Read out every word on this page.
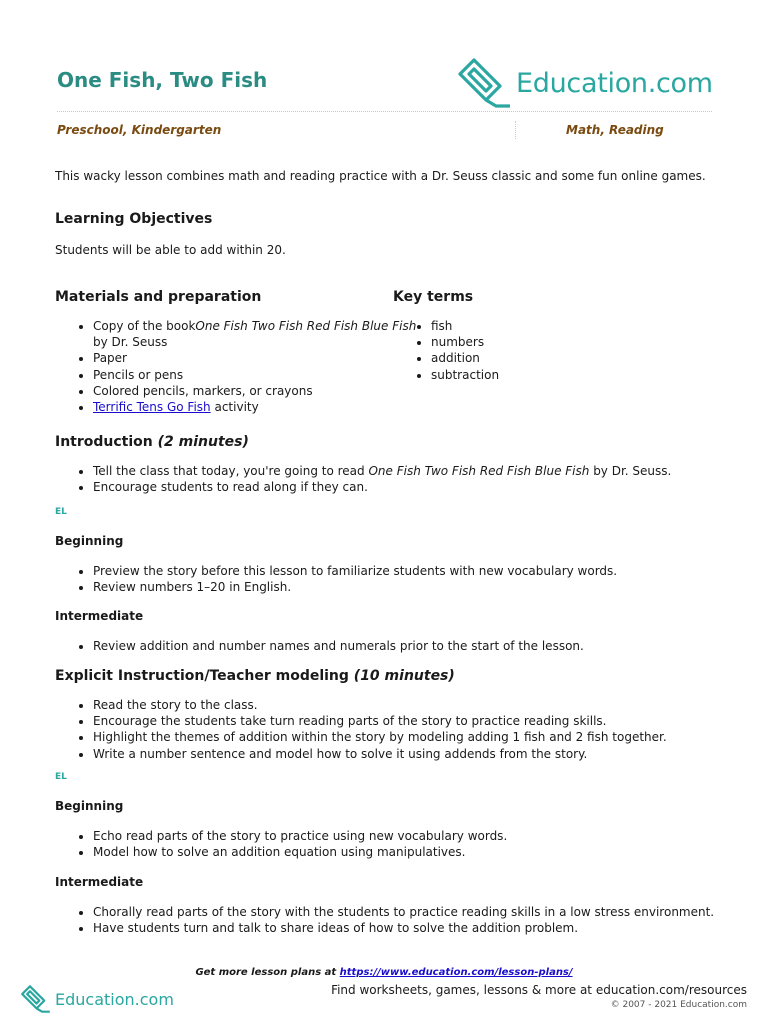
One Fish, Two Fish	Education.com
Preschool, Kindergarten	Math, Reading

This wacky lesson combines math and reading practice with a Dr. Seuss classic and some fun online games.

Learning Objectives

Students will be able to add within 20.

Materials and preparation
• Copy of the bookOne Fish Two Fish Red Fish Blue Fish by Dr. Seuss
• Paper
• Pencils or pens
• Colored pencils, markers, or crayons
• Terrific Tens Go Fish activity
Key terms
• fish
• numbers
• addition
• subtraction
Introduction (2 minutes)
• Tell the class that today, you're going to read One Fish Two Fish Red Fish Blue Fish by Dr. Seuss.
• Encourage students to read along if they can.
EL
Beginning
• Preview the story before this lesson to familiarize students with new vocabulary words.
• Review numbers 1–20 in English.
Intermediate
• Review addition and number names and numerals prior to the start of the lesson.
Explicit Instruction/Teacher modeling (10 minutes)
• Read the story to the class.
• Encourage the students take turn reading parts of the story to practice reading skills.
• Highlight the themes of addition within the story by modeling adding 1 fish and 2 fish together.
• Write a number sentence and model how to solve it using addends from the story.
EL
Beginning
• Echo read parts of the story to practice using new vocabulary words.
• Model how to solve an addition equation using manipulatives.
Intermediate
• Chorally read parts of the story with the students to practice reading skills in a low stress environment.
• Have students turn and talk to share ideas of how to solve the addition problem.
Get more lesson plans at https://www.education.com/lesson-plans/
Education.com	Find worksheets, games, lessons & more at education.com/resources
© 2007 - 2021 Education.com
